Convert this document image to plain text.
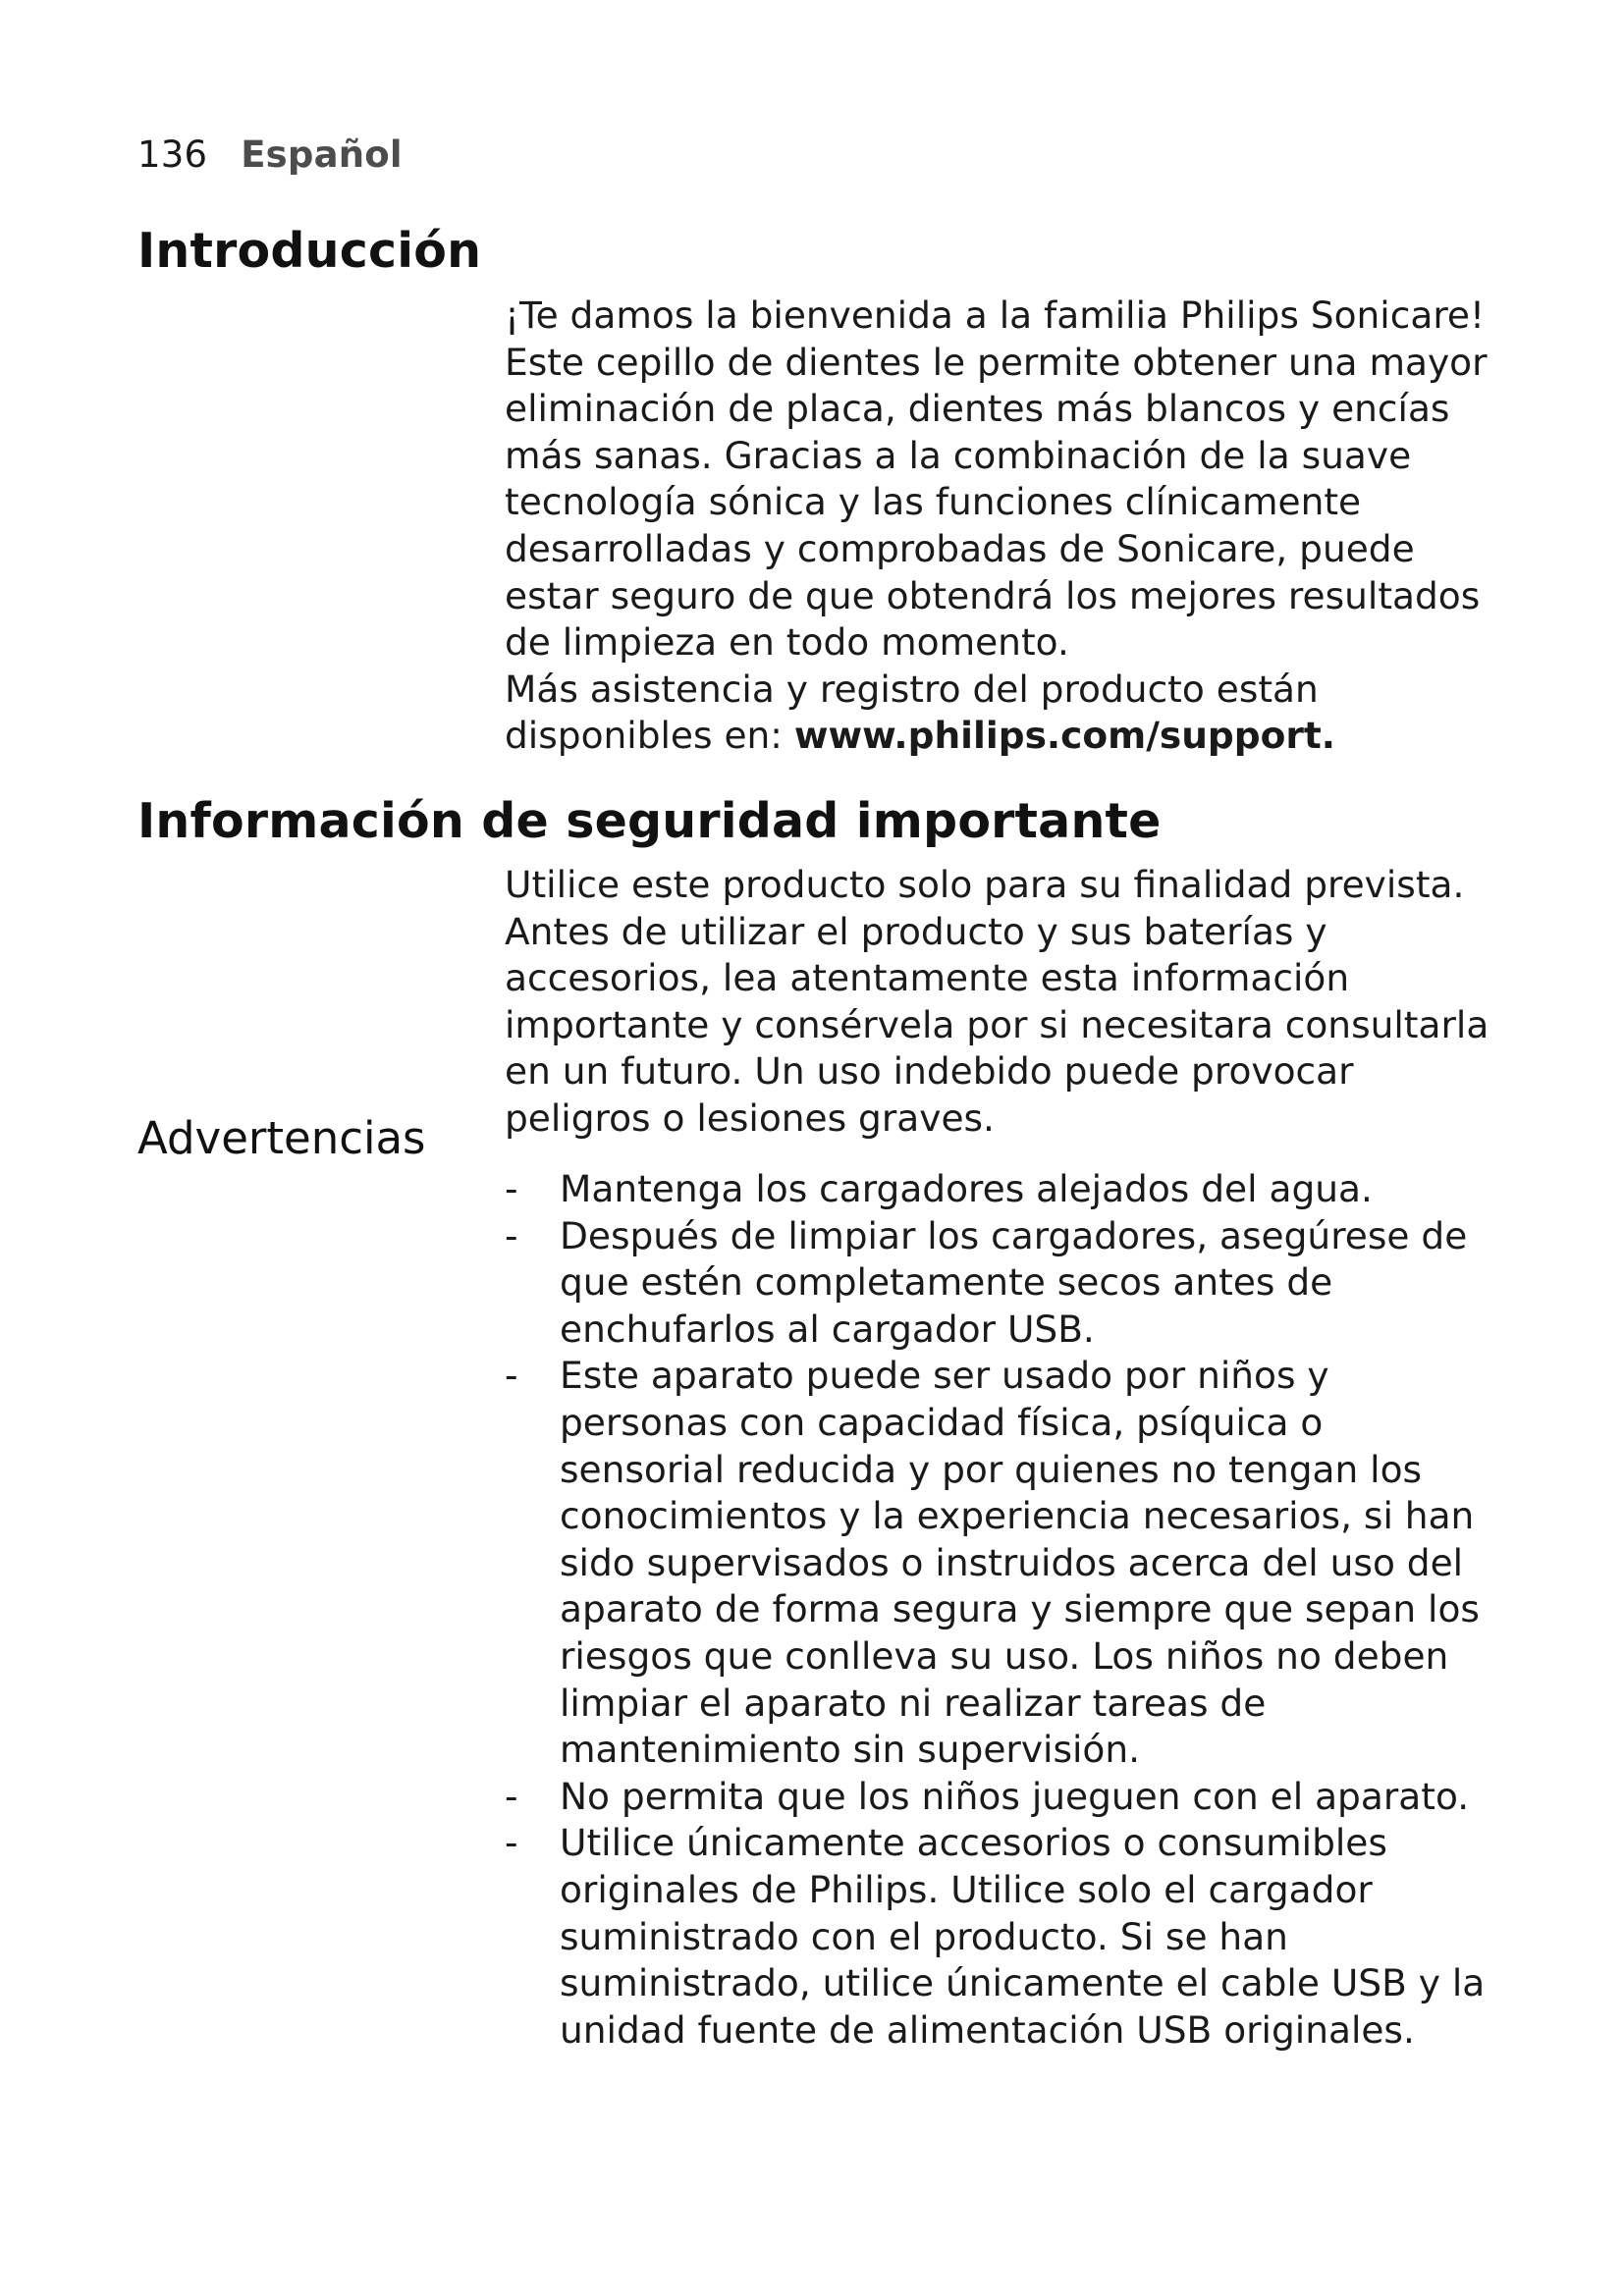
136 Español
Introducción

¡Te damos la bienvenida a la familia Philips Sonicare! Este cepillo de dientes le permite obtener una mayor eliminación de placa, dientes más blancos y encías más sanas. Gracias a la combinación de la suave tecnología sónica y las funciones clínicamente desarrolladas y comprobadas de Sonicare, puede estar seguro de que obtendrá los mejores resultados de limpieza en todo momento.

Más asistencia y registro del producto están disponibles en: www.philips.com/support.

Información de seguridad importante

Utilice este producto solo para su finalidad prevista. Antes de utilizar el producto y sus baterías y accesorios, lea atentamente esta información importante y consérvela por si necesitara consultarla en un futuro. Un uso indebido puede provocar peligros o lesiones graves.

Advertencias
- Mantenga los cargadores alejados del agua.
- Después de limpiar los cargadores, asegúrese de que estén completamente secos antes de enchufarlos al cargador USB.
- Este aparato puede ser usado por niños y personas con capacidad física, psíquica o sensorial reducida y por quienes no tengan los conocimientos y la experiencia necesarios, si han sido supervisados o instruidos acerca del uso del aparato de forma segura y siempre que sepan los riesgos que conlleva su uso. Los niños no deben limpiar el aparato ni realizar tareas de mantenimiento sin supervisión.
- No permita que los niños jueguen con el aparato.
- Utilice únicamente accesorios o consumibles originales de Philips. Utilice solo el cargador suministrado con el producto. Si se han suministrado, utilice únicamente el cable USB y la unidad fuente de alimentación USB originales.
